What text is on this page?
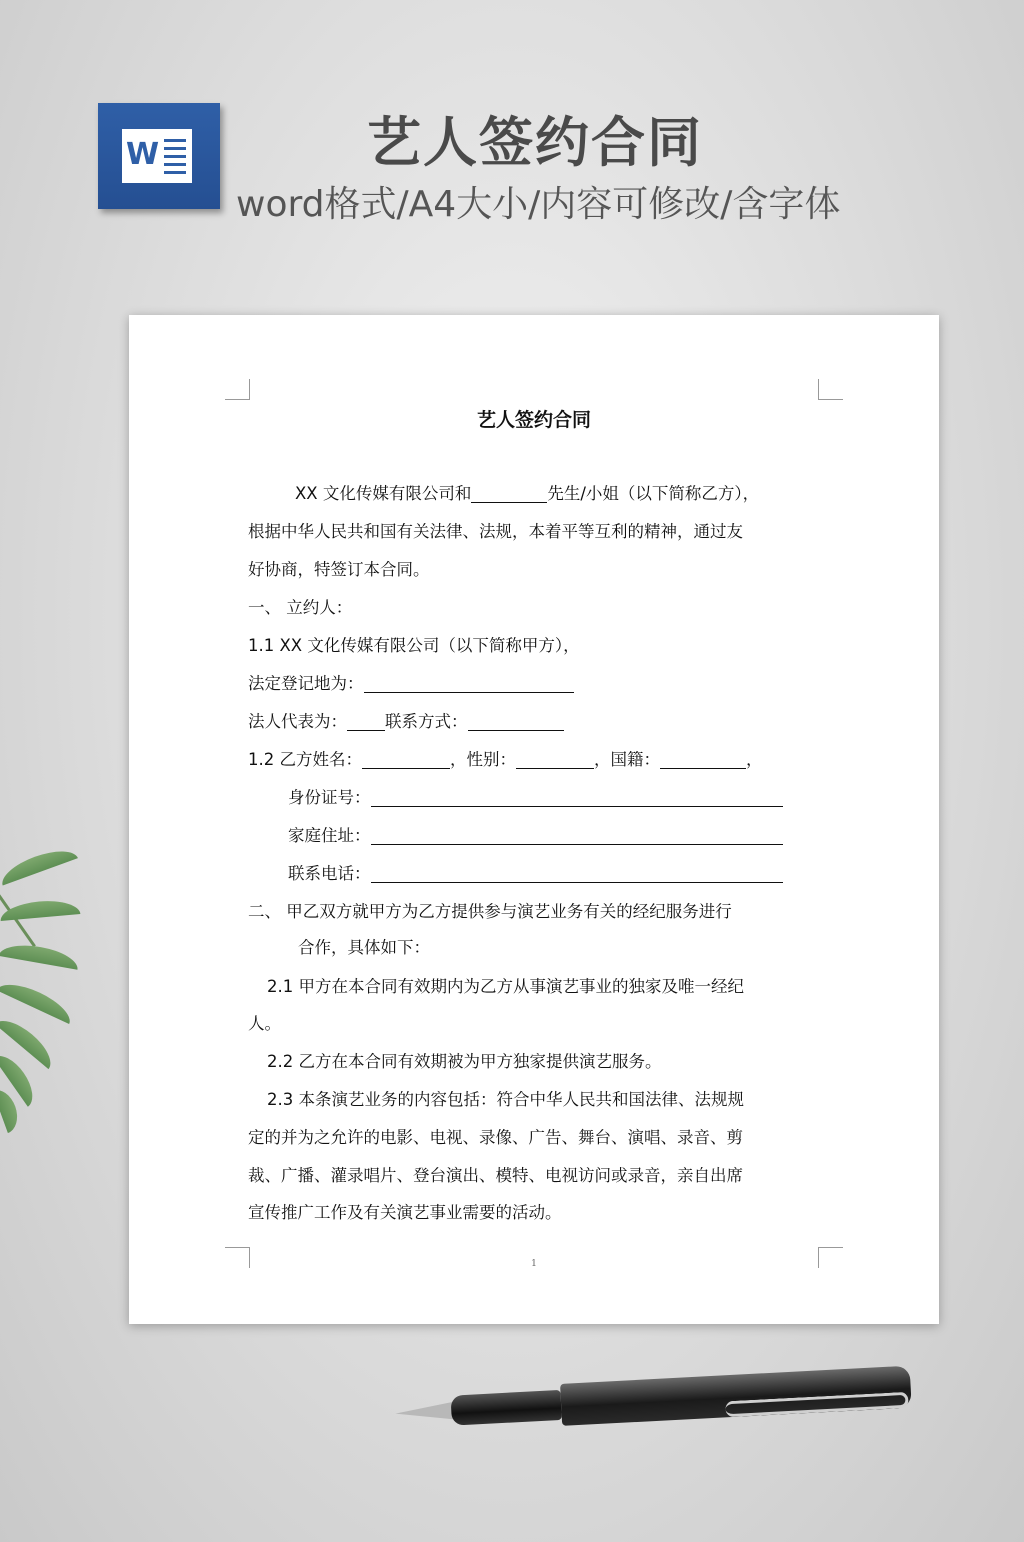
W	艺人签约合同
word格式/A4大小/内容可修改/含字体
艺人签约合同
XX 文化传媒有限公司和	先生/小姐（以下简称乙方），
根据中华人民共和国有关法律、法规，本着平等互利的精神，通过友
好协商，特签订本合同。
一、 立约人：
1.1 XX 文化传媒有限公司（以下简称甲方），
法定登记地为：
法人代表为： 联系方式：
1.2 乙方姓名：	，性别：	，国籍：	，
身份证号：
家庭住址：
联系电话：
二、 甲乙双方就甲方为乙方提供参与演艺业务有关的经纪服务进行
合作，具体如下：
2.1 甲方在本合同有效期内为乙方从事演艺事业的独家及唯一经纪
人。
2.2 乙方在本合同有效期被为甲方独家提供演艺服务。
2.3 本条演艺业务的内容包括：符合中华人民共和国法律、法规规
定的并为之允许的电影、电视、录像、广告、舞台、演唱、录音、剪
裁、广播、灌录唱片、登台演出、模特、电视访问或录音，亲自出席
宣传推广工作及有关演艺事业需要的活动。
1
